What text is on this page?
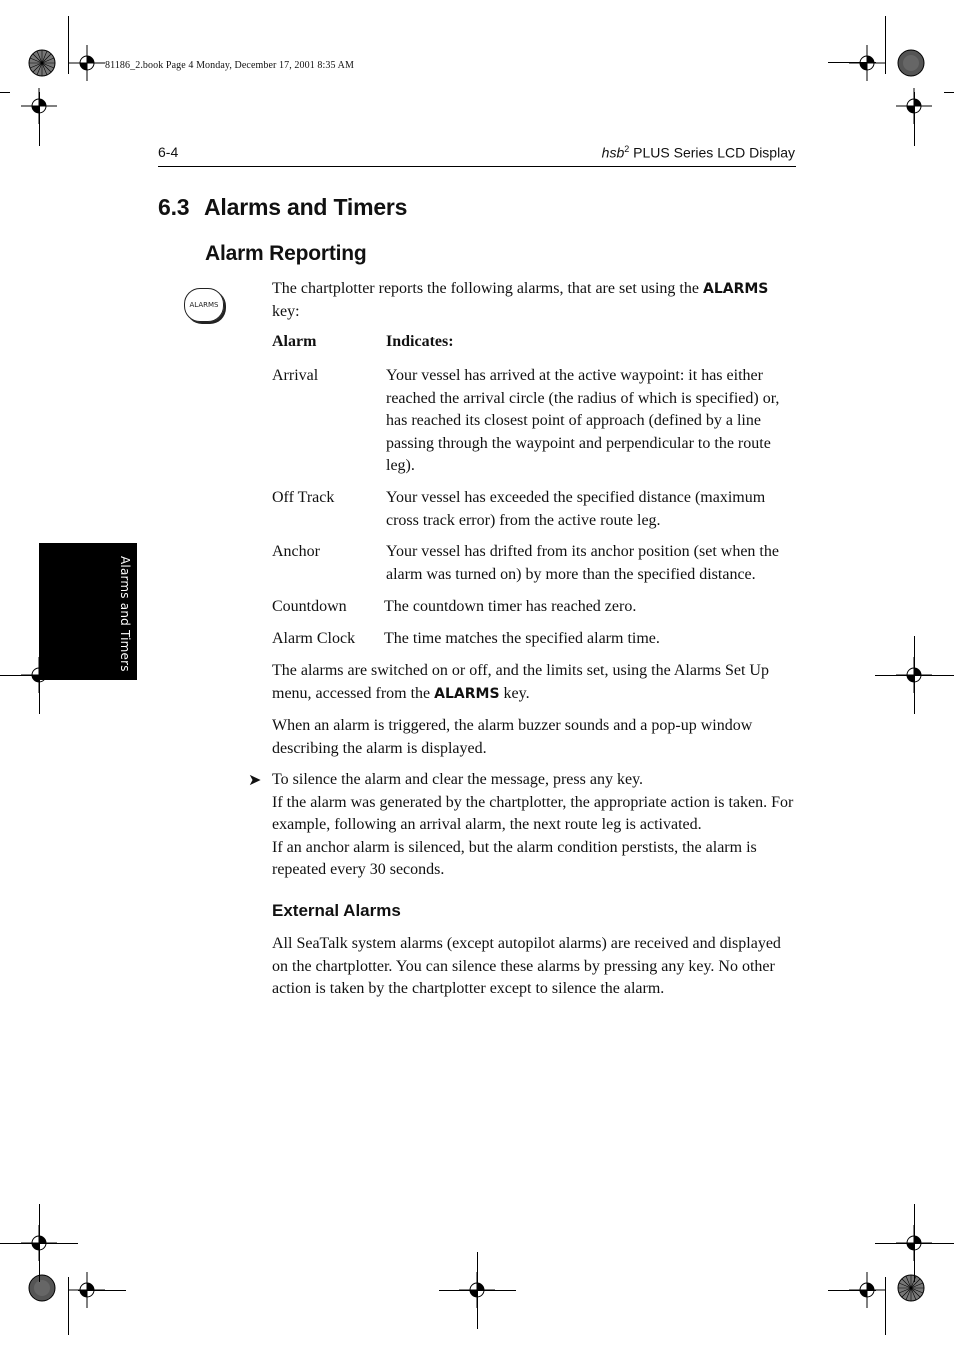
81186_2.book Page 4 Monday, December 17, 2001 8:35 AM
6-4	hsb$^2$ PLUS Series LCD Display
Alarms and Timers
6.3 Alarms and Timers
Alarm Reporting
ALARMS
The chartplotter reports the following alarms, that are set using the ALARMS key:
Alarm	Indicates:
Arrival	Your vessel has arrived at the active waypoint: it has either reached the arrival circle (the radius of which is specified) or, has reached its closest point of approach (defined by a line passing through the waypoint and perpendicular to the route leg).
Off Track	Your vessel has exceeded the specified distance (maximum cross track error) from the active route leg.
Anchor	Your vessel has drifted from its anchor position (set when the alarm was turned on) by more than the specified distance.
Countdown The countdown timer has reached zero.
Alarm Clock The time matches the specified alarm time.
The alarms are switched on or off, and the limits set, using the Alarms Set Up menu, accessed from the ALARMS key.
When an alarm is triggered, the alarm buzzer sounds and a pop-up window describing the alarm is displayed.
➤ To silence the alarm and clear the message, press any key.
If the alarm was generated by the chartplotter, the appropriate action is taken. For example, following an arrival alarm, the next route leg is activated.
If an anchor alarm is silenced, but the alarm condition perstists, the alarm is repeated every 30 seconds.
External Alarms
All SeaTalk system alarms (except autopilot alarms) are received and displayed on the chartplotter. You can silence these alarms by pressing any key. No other action is taken by the chartplotter except to silence the alarm.
